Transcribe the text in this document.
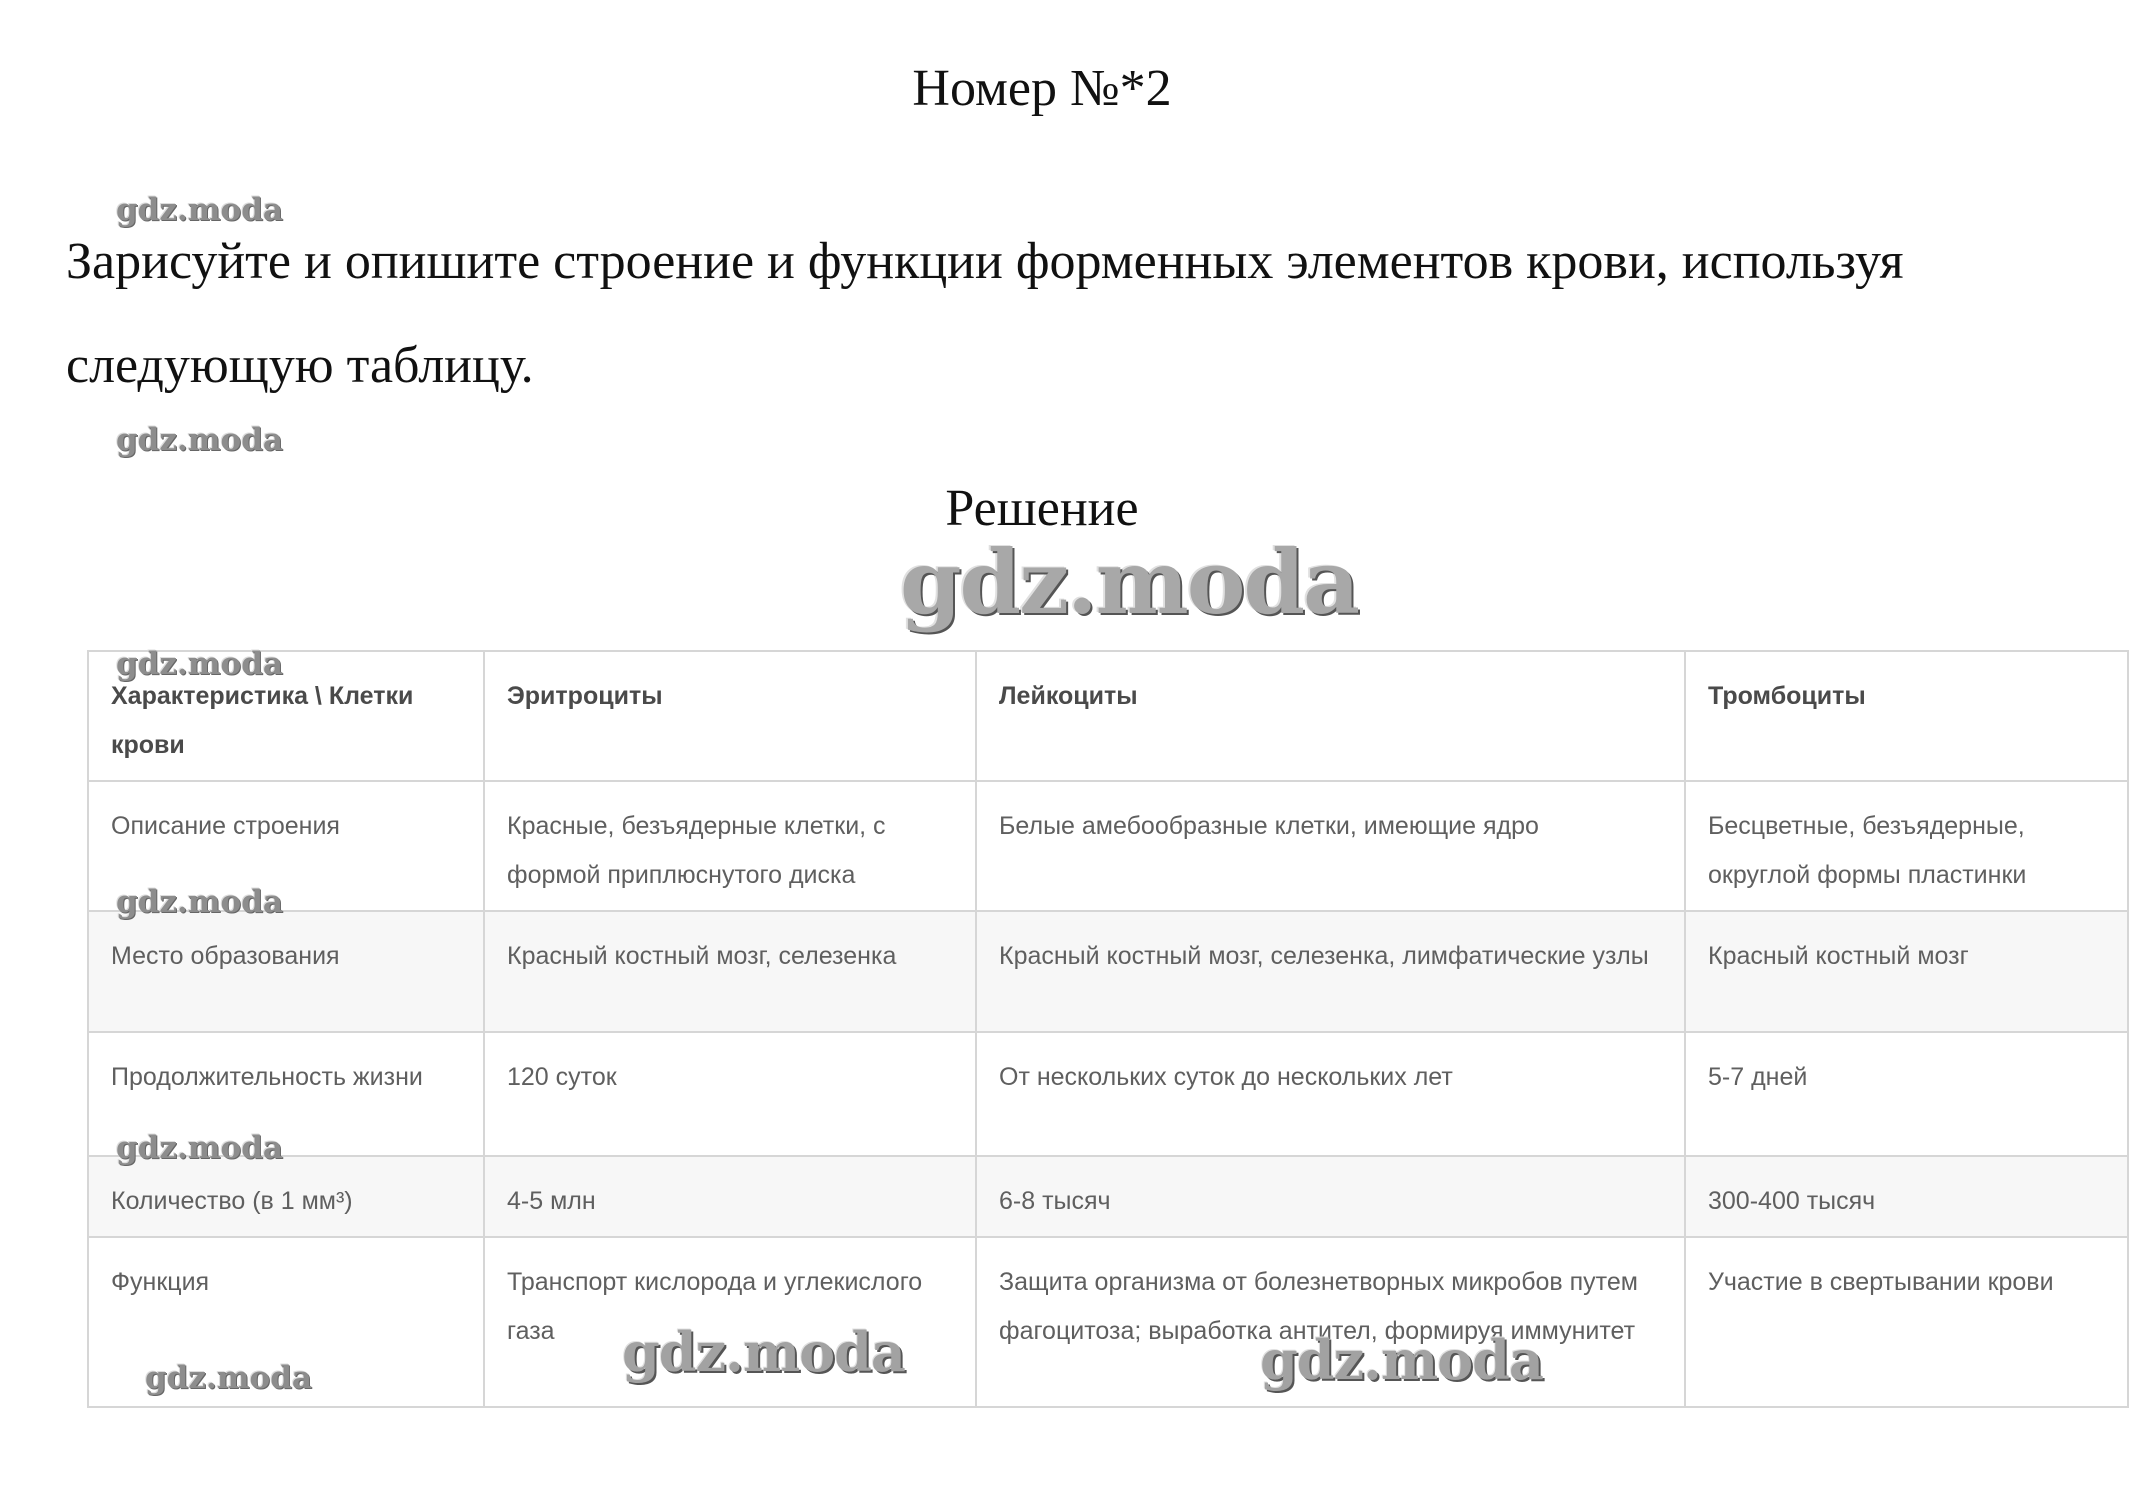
Номер №*2
Зарисуйте и опишите строение и функции форменных элементов крови, используя следующую таблицу.
Решение
Характеристика \ Клетки крови	Эритроциты	Лейкоциты	Тромбоциты
Описание строения	Красные, безъядерные клетки, с формой приплюснутого диска	Белые амебообразные клетки, имеющие ядро	Бесцветные, безъядерные, округлой формы пластинки
Место образования	Красный костный мозг, селезенка	Красный костный мозг, селезенка, лимфатические узлы	Красный костный мозг
Продолжительность жизни	120 суток	От нескольких суток до нескольких лет	5-7 дней
Количество (в 1 мм³)	4-5 млн	6-8 тысяч	300-400 тысяч
Функция	Транспорт кислорода и углекислого газа	Защита организма от болезнетворных микробов путем фагоцитоза; выработка антител, формируя иммунитет	Участие в свертывании крови
gdz.moda
gdz.moda
gdz.moda
gdz.moda
gdz.moda
gdz.moda
gdz.moda	gdz.moda
gdz.moda
